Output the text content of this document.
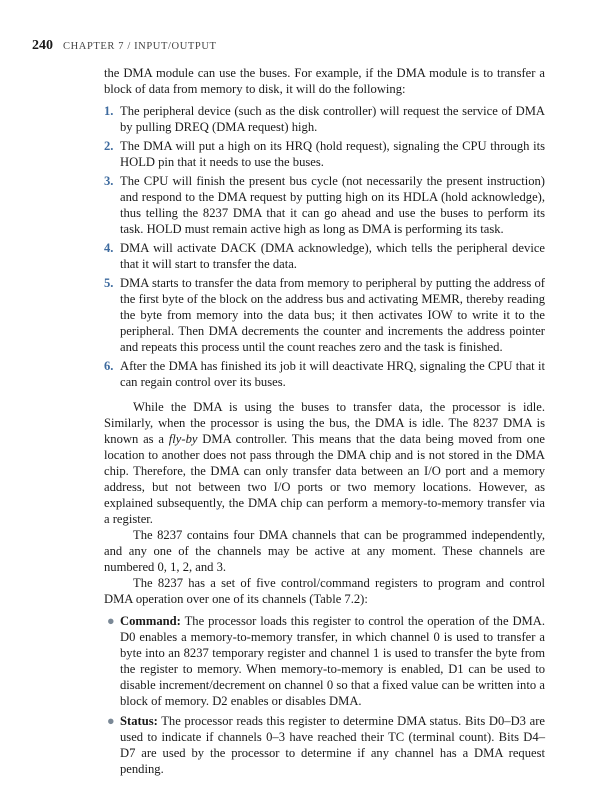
240 CHAPTER 7 / INPUT/OUTPUT

the DMA module can use the buses. For example, if the DMA module is to transfer a block of data from memory to disk, it will do the following:

1. The peripheral device (such as the disk controller) will request the service of DMA by pulling DREQ (DMA request) high.
2. The DMA will put a high on its HRQ (hold request), signaling the CPU through its HOLD pin that it needs to use the buses.
3. The CPU will finish the present bus cycle (not necessarily the present instruction) and respond to the DMA request by putting high on its HDLA (hold acknowledge), thus telling the 8237 DMA that it can go ahead and use the buses to perform its task. HOLD must remain active high as long as DMA is performing its task.
4. DMA will activate DACK (DMA acknowledge), which tells the peripheral device that it will start to transfer the data.
5. DMA starts to transfer the data from memory to peripheral by putting the address of the first byte of the block on the address bus and activating MEMR, thereby reading the byte from memory into the data bus; it then activates IOW to write it to the peripheral. Then DMA decrements the counter and increments the address pointer and repeats this process until the count reaches zero and the task is finished.
6. After the DMA has finished its job it will deactivate HRQ, signaling the CPU that it can regain control over its buses.

While the DMA is using the buses to transfer data, the processor is idle. Similarly, when the processor is using the bus, the DMA is idle. The 8237 DMA is known as a fly-by DMA controller. This means that the data being moved from one location to another does not pass through the DMA chip and is not stored in the DMA chip. Therefore, the DMA can only transfer data between an I/O port and a memory address, but not between two I/O ports or two memory locations. However, as explained subsequently, the DMA chip can perform a memory-to-memory transfer via a register.

The 8237 contains four DMA channels that can be programmed independently, and any one of the channels may be active at any moment. These channels are numbered 0, 1, 2, and 3.

The 8237 has a set of five control/command registers to program and control DMA operation over one of its channels (Table 7.2):

● Command: The processor loads this register to control the operation of the DMA. D0 enables a memory-to-memory transfer, in which channel 0 is used to transfer a byte into an 8237 temporary register and channel 1 is used to transfer the byte from the register to memory. When memory-to-memory is enabled, D1 can be used to disable increment/decrement on channel 0 so that a fixed value can be written into a block of memory. D2 enables or disables DMA.
● Status: The processor reads this register to determine DMA status. Bits D0–D3 are used to indicate if channels 0–3 have reached their TC (terminal count). Bits D4–D7 are used by the processor to determine if any channel has a DMA request pending.
